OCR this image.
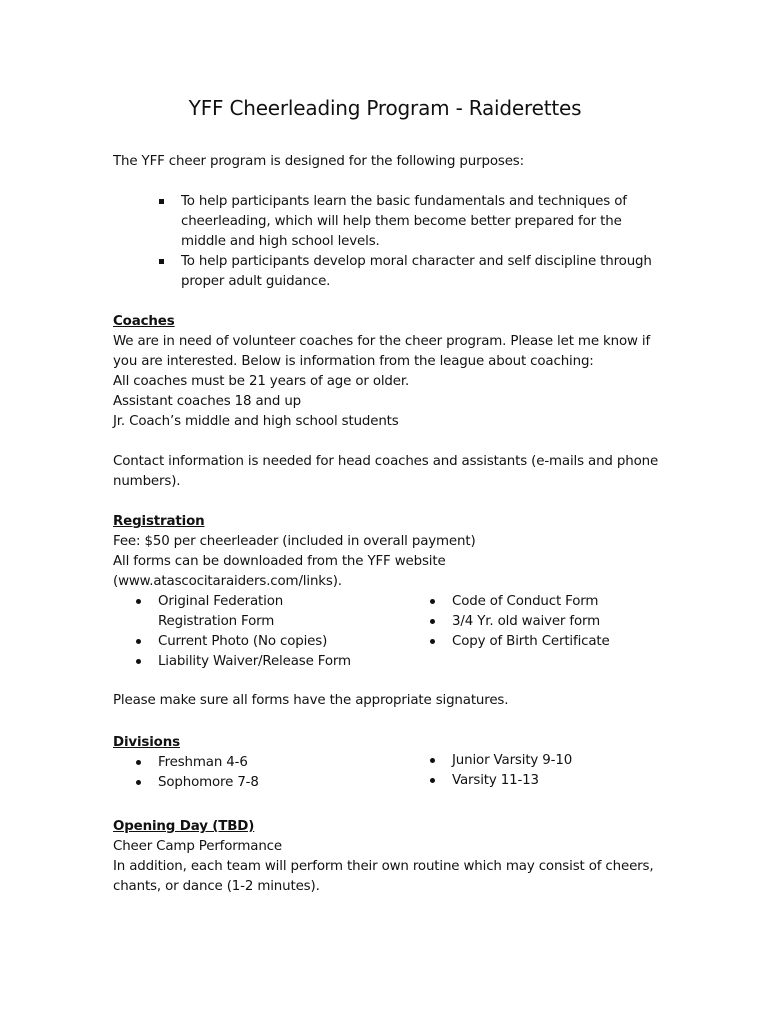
YFF Cheerleading Program - Raiderettes
The YFF cheer program is designed for the following purposes:
To help participants learn the basic fundamentals and techniques of
cheerleading, which will help them become better prepared for the
middle and high school levels.
To help participants develop moral character and self discipline through
proper adult guidance.
Coaches
We are in need of volunteer coaches for the cheer program. Please let me know if
you are interested. Below is information from the league about coaching:
All coaches must be 21 years of age or older.
Assistant coaches 18 and up
Jr. Coach’s middle and high school students
Contact information is needed for head coaches and assistants (e-mails and phone
numbers).
Registration
Fee: $50 per cheerleader (included in overall payment)
All forms can be downloaded from the YFF website
(www.atascocitaraiders.com/links).
Original Federation
Registration Form
Current Photo (No copies)
Liability Waiver/Release Form
Code of Conduct Form
3/4 Yr. old waiver form
Copy of Birth Certificate
Please make sure all forms have the appropriate signatures.
Divisions
Freshman 4-6
Sophomore 7-8
Junior Varsity 9-10
Varsity 11-13
Opening Day (TBD)
Cheer Camp Performance
In addition, each team will perform their own routine which may consist of cheers,
chants, or dance (1-2 minutes).
